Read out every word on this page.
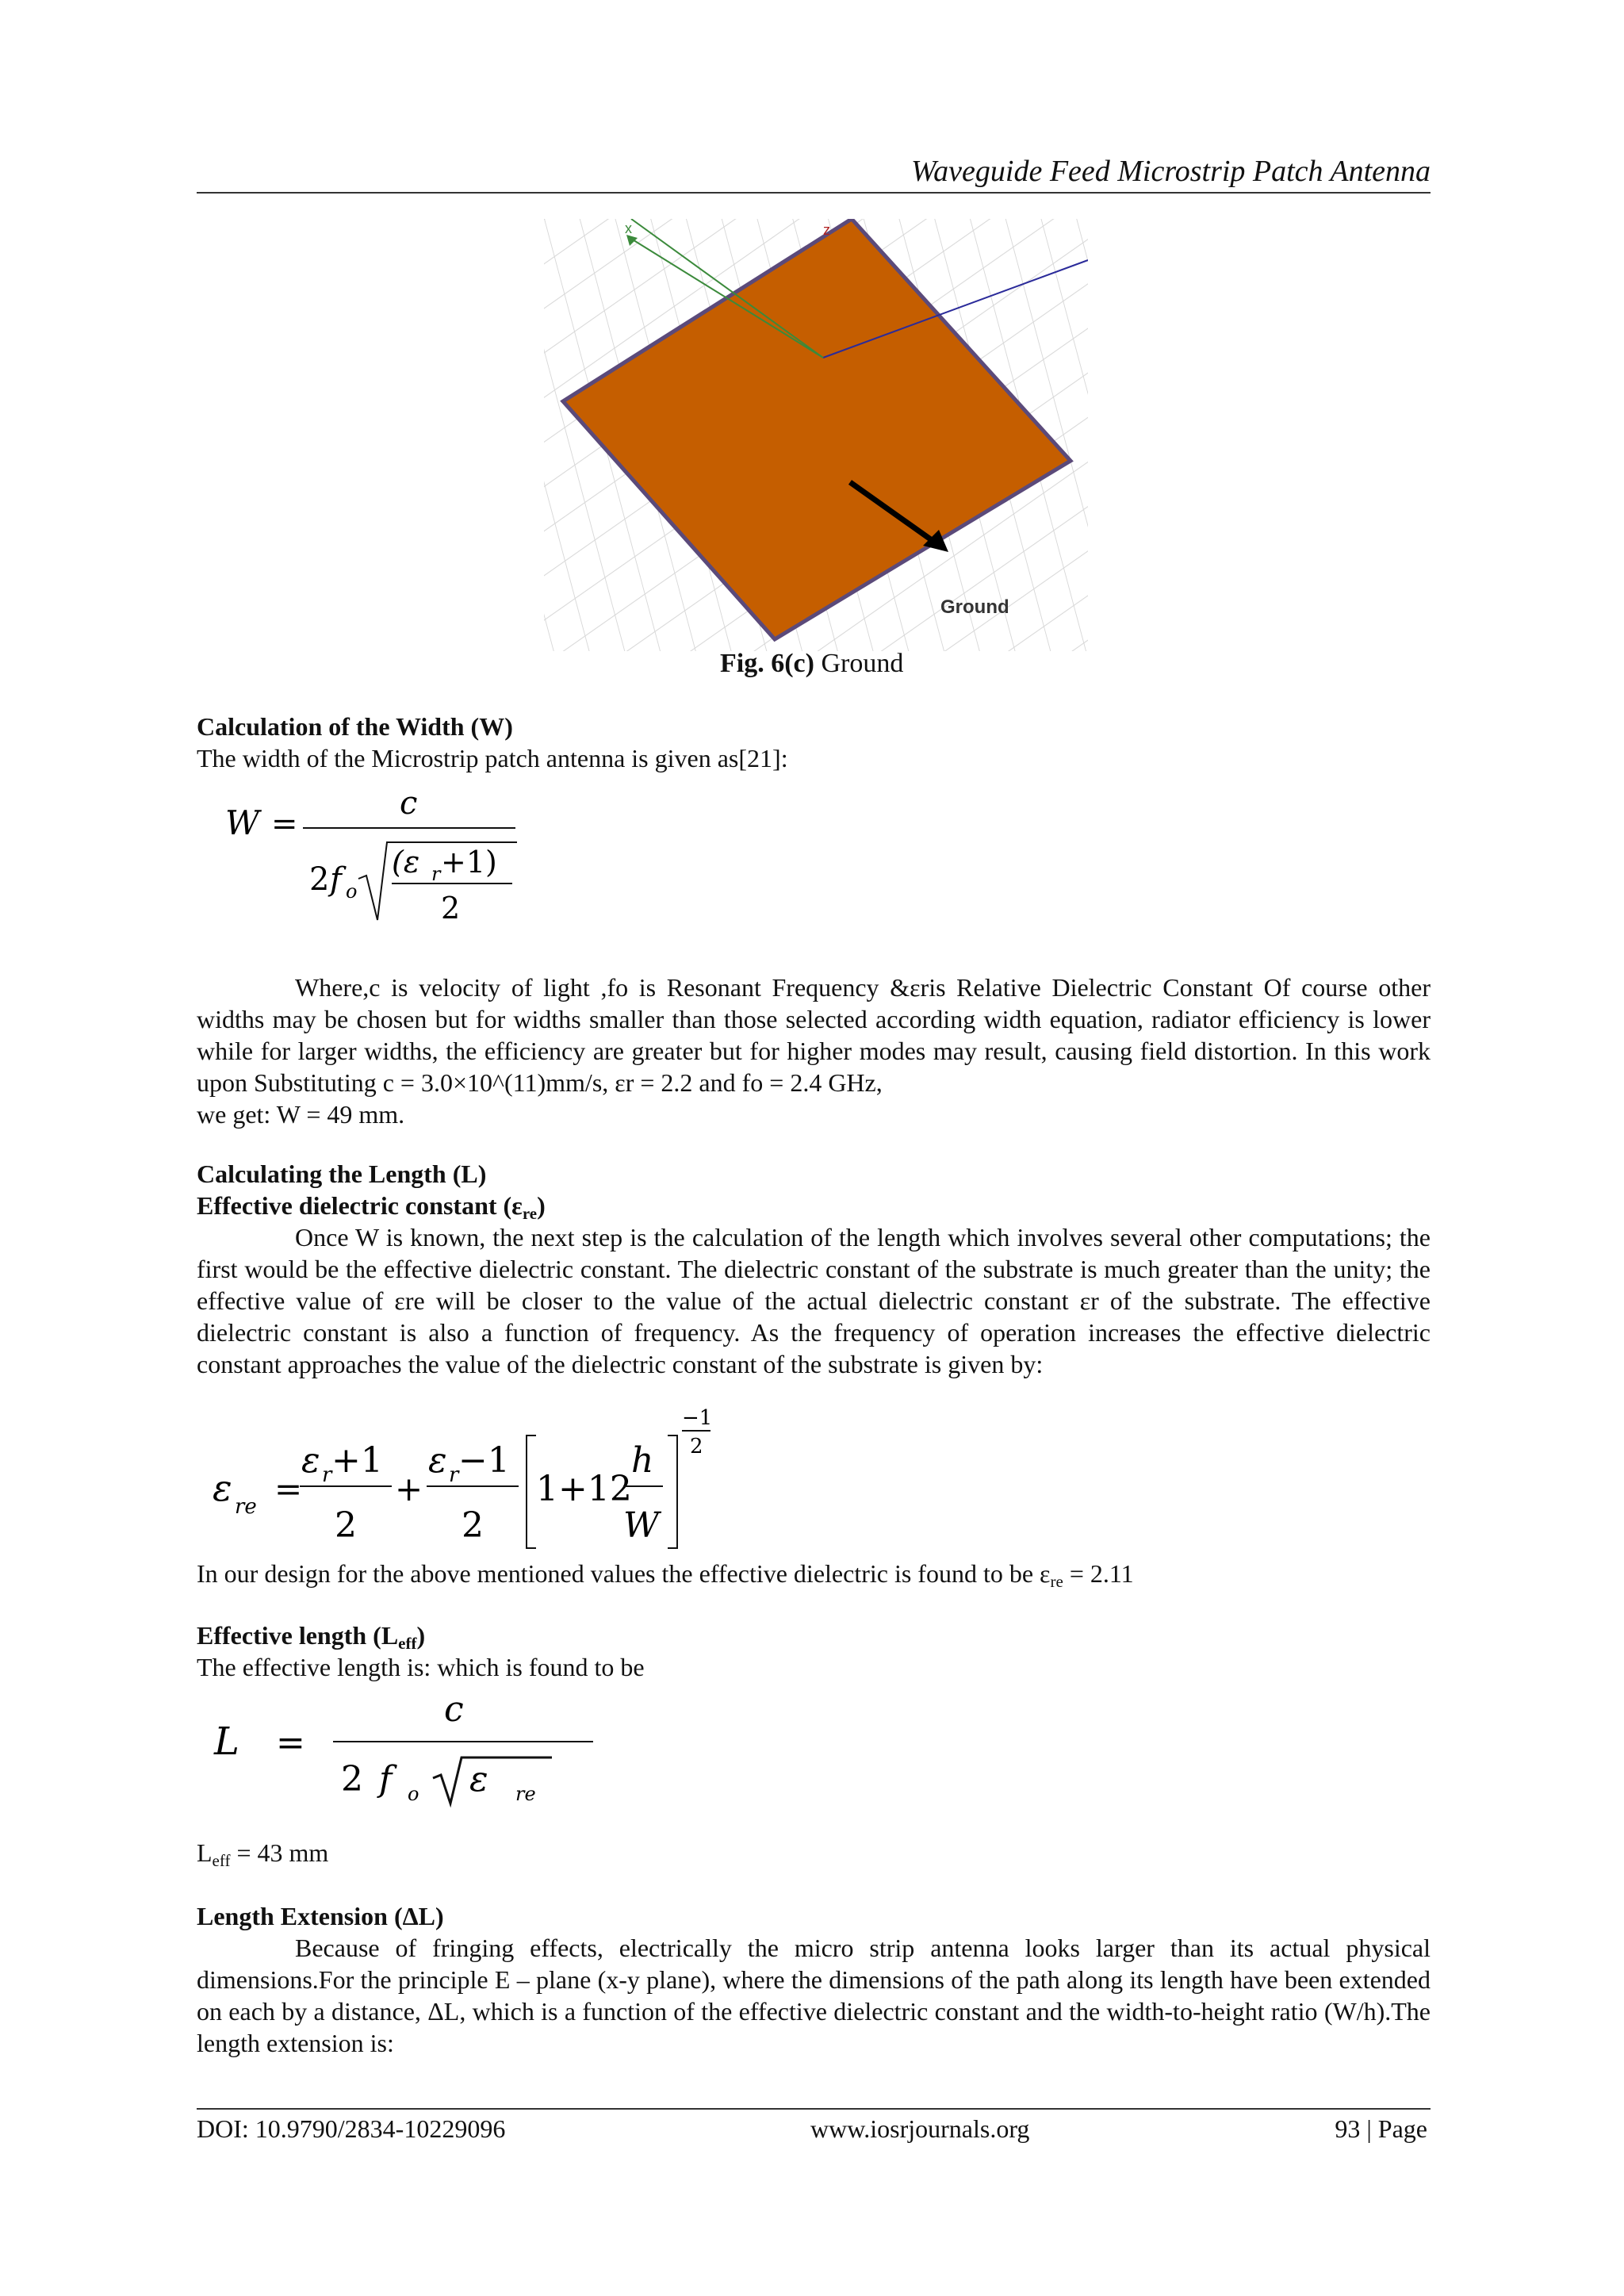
Waveguide Feed Microstrip Patch Antenna
x	z
Ground
Fig. 6(c) Ground
Calculation of the Width (W)
The width of the Microstrip patch antenna is given as[21]:
W =
c
2 f o
(ε r +1)
2

Where,c is velocity of light ,fo is Resonant Frequency &εris Relative Dielectric Constant Of course other widths may be chosen but for widths smaller than those selected according width equation, radiator efficiency is lower while for larger widths, the efficiency are greater but for higher modes may result, causing field distortion. In this work upon Substituting c = 3.0×10^(11)mm/s, εr = 2.2 and fo = 2.4 GHz,

we get: W = 49 mm.

Calculating the Length (L)
Effective dielectric constant $(\varepsilon_{re})$
Once W is known, the next step is the calculation of the length which involves several other computations; the first would be the effective dielectric constant. The dielectric constant of the substrate is much greater than the unity; the effective value of εre will be closer to the value of the actual dielectric constant εr of the substrate. The effective dielectric constant is also a function of frequency. As the frequency of operation increases the effective dielectric constant approaches the value of the dielectric constant of the substrate is given by:
ε re =
ε r +1
2
+
ε r −1
2
1+12
h
W
−1
2
In our design for the above mentioned values the effective dielectric is found to be $\varepsilon_{re} = 2.11$
Effective length $(L_{eff})$
The effective length is: which is found to be
L =
c
2 f o ε re
$L_{eff} = 43$ mm
Length Extension (ΔL)
Because of fringing effects, electrically the micro strip antenna looks larger than its actual physical dimensions.For the principle E – plane (x-y plane), where the dimensions of the path along its length have been extended on each by a distance, ΔL, which is a function of the effective dielectric constant and the width-to-height ratio (W/h).The length extension is:
DOI: 10.9790/2834-10229096	www.iosrjournals.org	93 | Page
